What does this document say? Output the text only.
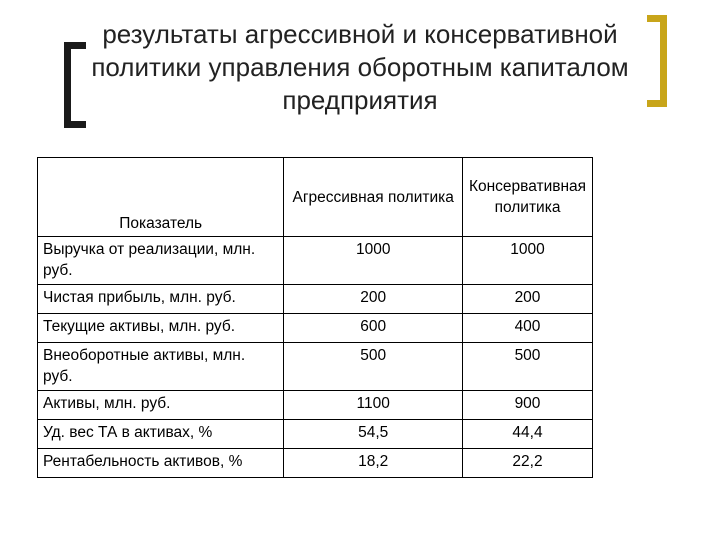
результаты агрессивной и консервативной
политики управления оборотным капиталом
предприятия
Показатель	Агрессивная политика	Консервативная политика
Выручка от реализации, млн. руб.	1000	1000
Чистая прибыль, млн. руб.	200	200
Текущие активы, млн. руб.	600	400
Внеоборотные активы, млн. руб.	500	500
Активы, млн. руб.	1100	900
Уд. вес ТА в активах, %	54,5	44,4
Рентабельность активов, %	18,2	22,2
